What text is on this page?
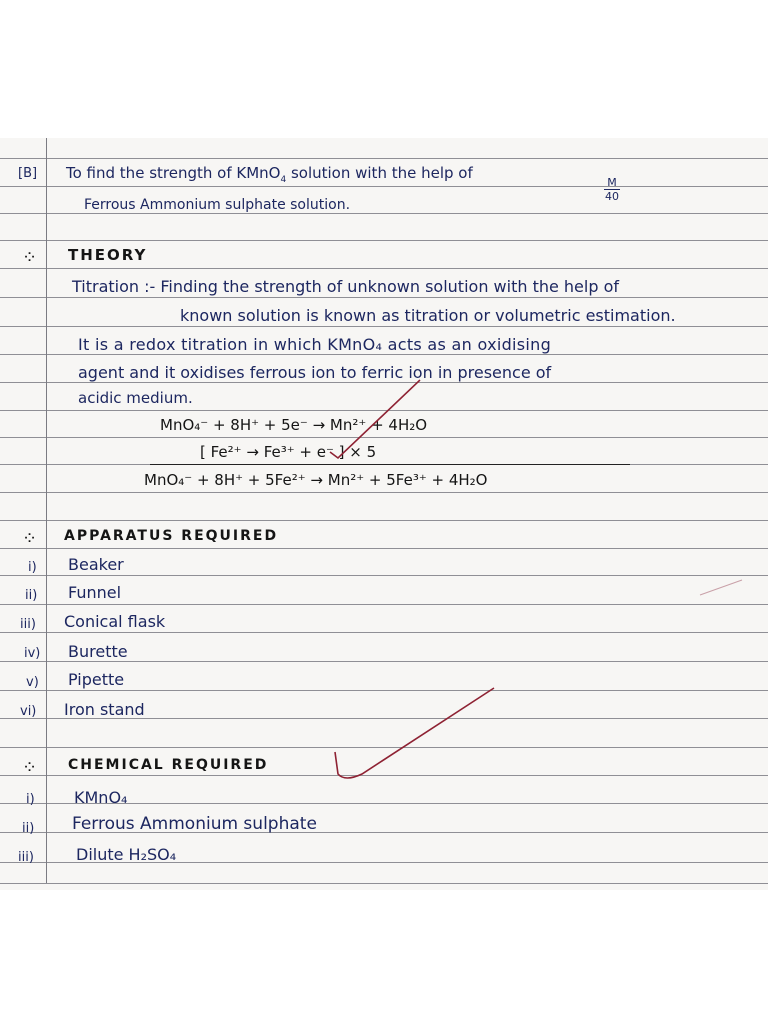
[B] To find the strength of KMnO$_4$ solution with the help of
M
40
Ferrous Ammonium sulphate solution.
⁘ THEORY
Titration :- Finding the strength of unknown solution with the help of
known solution is known as titration or volumetric estimation.
It is a redox titration in which KMnO₄ acts as an oxidising
agent and it oxidises ferrous ion to ferric ion in presence of
acidic medium.
MnO₄⁻ + 8H⁺ + 5e⁻ → Mn²⁺ + 4H₂O
[ Fe²⁺ → Fe³⁺ + e⁻ ] × 5
MnO₄⁻ + 8H⁺ + 5Fe²⁺ → Mn²⁺ + 5Fe³⁺ + 4H₂O
⁘ APPARATUS REQUIRED
i) Beaker
ii) Funnel
iii) Conical flask
iv) Burette
v) Pipette
vi) Iron stand
⁘ CHEMICAL REQUIRED
i) KMnO₄
ii) Ferrous Ammonium sulphate
iii)	Dilute H₂SO₄
